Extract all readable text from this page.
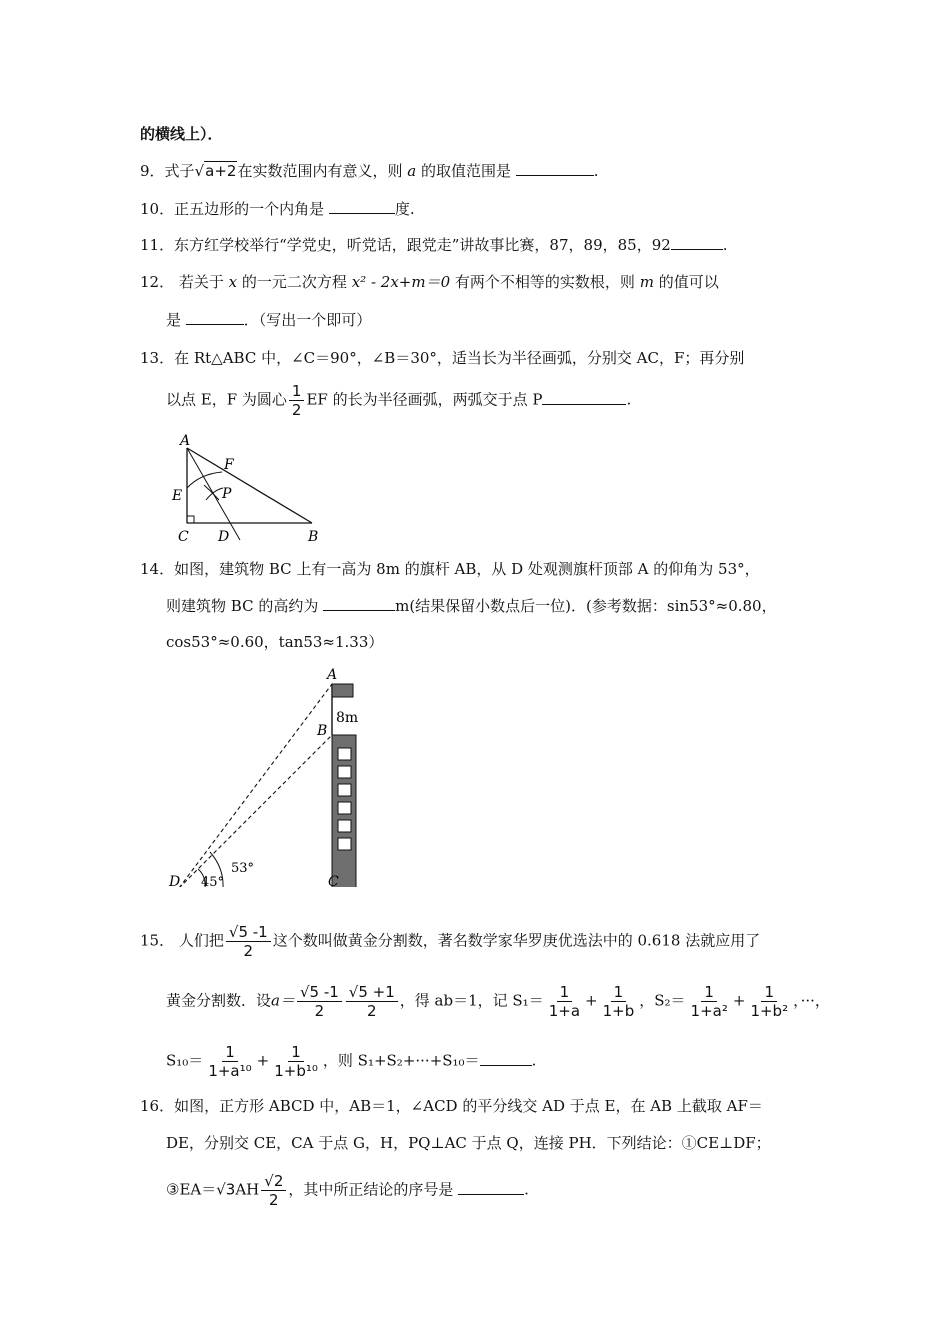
的横线上）．
9．式子√a+2在实数范围内有意义，则 a 的取值范围是	.
10．正五边形的一个内角是	度.
11．东方红学校举行“学党史，听党话，跟党走”讲故事比赛，87，89，85，92	.
12． 若关于 x 的一元二次方程 x² - 2x+m＝0 有两个不相等的实数根，则 m 的值可以
是	．（写出一个即可）
13．在 Rt△ABC 中，∠C＝90°，∠B＝30°，适当长为半径画弧，分别交 AC，F；再分别
以点 E，F 为圆心 $\frac{1}{2}$ EF 的长为半径画弧，两弧交于点 P	.
A
F
E	P
C D	B
14．如图，建筑物 BC 上有一高为 8m 的旗杆 AB，从 D 处观测旗杆顶部 A 的仰角为 53°，
则建筑物 BC 的高约为	m(结果保留小数点后一位)．(参考数据：sin53°≈0.80，
cos53°≈0.60，tan53≈1.33）
A
B
8m
45°
53°
D	C
15． 人们把 $\frac{√5 -1}{2}$ 这个数叫做黄金分割数，著名数学家华罗庚优选法中的 0.618 法就应用了
黄金分割数．设$a= \frac{√5 -1}{2} \frac{√5 +1}{2}$ ，得 ab＝1，记 $S_1= \frac{1}{1+a} + \frac{1}{1+b}$ ，$S_2= \frac{1}{\text{1+a²}} + \frac{1}{\text{1+b²}}$ ，···，
$S_{10}= \frac{1}{\text{1+a¹⁰}} + \frac{1}{\text{1+b¹⁰}}$ ，则 S₁+S₂+···+S₁₀＝	.
16．如图，正方形 ABCD 中，AB＝1，∠ACD 的平分线交 AD 于点 E，在 AB 上截取 AF＝
DE，分别交 CE，CA 于点 G，H，PQ⊥AC 于点 Q，连接 PH．下列结论：①CE⊥DF；
③EA＝√3AH $\frac{√2}{2}$ ，其中所正结论的序号是	.
